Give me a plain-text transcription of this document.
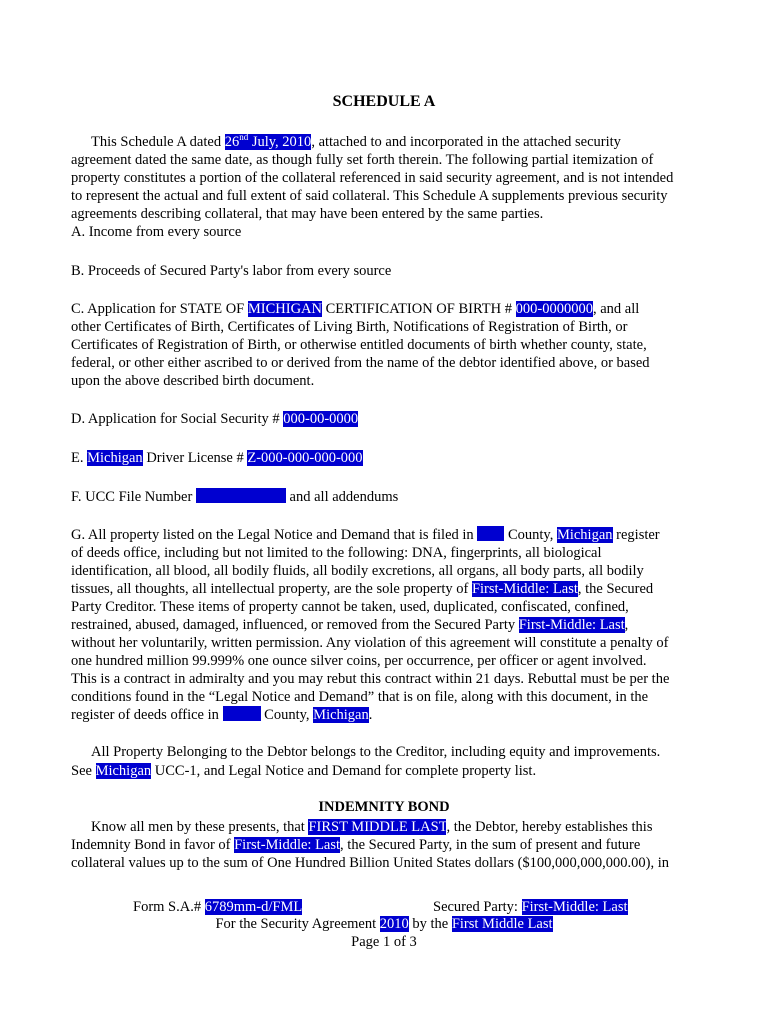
SCHEDULE A
This Schedule A dated 26nd July, 2010, attached to and incorporated in the attached security
agreement dated the same date, as though fully set forth therein. The following partial itemization of
property constitutes a portion of the collateral referenced in said security agreement, and is not intended
to represent the actual and full extent of said collateral. This Schedule A supplements previous security
agreements describing collateral, that may have been entered by the same parties.
A. Income from every source
B. Proceeds of Secured Party's labor from every source
C. Application for STATE OF MICHIGAN CERTIFICATION OF BIRTH # 000-0000000, and all
other Certificates of Birth, Certificates of Living Birth, Notifications of Registration of Birth, or
Certificates of Registration of Birth, or otherwise entitled documents of birth whether county, state,
federal, or other either ascribed to or derived from the name of the debtor identified above, or based
upon the above described birth document.
D. Application for Social Security # 000-00-0000
E. Michigan Driver License # Z-000-000-000-000
F. UCC File Number	and all addendums
G. All property listed on the Legal Notice and Demand that is filed in  County, Michigan register
of deeds office, including but not limited to the following: DNA, fingerprints, all biological
identification, all blood, all bodily fluids, all bodily excretions, all organs, all body parts, all bodily
tissues, all thoughts, all intellectual property, are the sole property of First-Middle: Last, the Secured
Party Creditor. These items of property cannot be taken, used, duplicated, confiscated, confined,
restrained, abused, damaged, influenced, or removed from the Secured Party First-Middle: Last,
without her voluntarily, written permission. Any violation of this agreement will constitute a penalty of
one hundred million 99.999% one ounce silver coins, per occurrence, per officer or agent involved.
This is a contract in admiralty and you may rebut this contract within 21 days. Rebuttal must be per the
conditions found in the “Legal Notice and Demand” that is on file, along with this document, in the
register of deeds office in	County, Michigan.
All Property Belonging to the Debtor belongs to the Creditor, including equity and improvements.
See Michigan UCC-1, and Legal Notice and Demand for complete property list.
INDEMNITY BOND
Know all men by these presents, that FIRST MIDDLE LAST, the Debtor, hereby establishes this
Indemnity Bond in favor of First-Middle: Last, the Secured Party, in the sum of present and future
collateral values up to the sum of One Hundred Billion United States dollars ($100,000,000,000.00), in
Form S.A.# 6789mm-d/FML	Secured Party: First-Middle: Last
For the Security Agreement 2010 by the First Middle Last
Page 1 of 3
